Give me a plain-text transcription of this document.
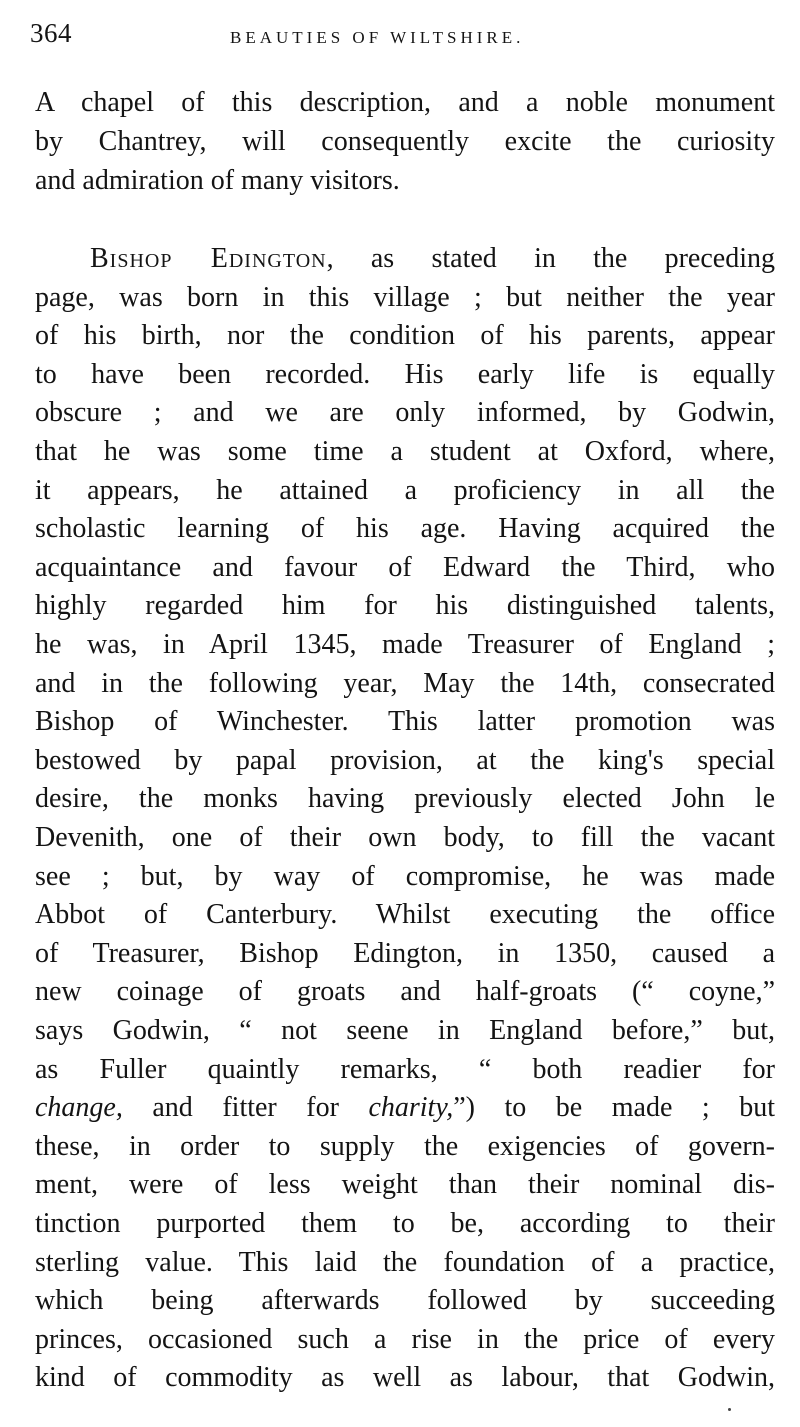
364	BEAUTIES OF WILTSHIRE.
A chapel of this description, and a noble monument
by Chantrey, will consequently excite the curiosity
and admiration of many visitors.
Bishop Edington, as stated in the preceding
page, was born in this village ; but neither the year
of his birth, nor the condition of his parents, appear
to have been recorded. His early life is equally
obscure ; and we are only informed, by Godwin,
that he was some time a student at Oxford, where,
it appears, he attained a proficiency in all the
scholastic learning of his age. Having acquired the
acquaintance and favour of Edward the Third, who
highly regarded him for his distinguished talents,
he was, in April 1345, made Treasurer of England ;
and in the following year, May the 14th, consecrated
Bishop of Winchester. This latter promotion was
bestowed by papal provision, at the king's special
desire, the monks having previously elected John le
Devenith, one of their own body, to fill the vacant
see ; but, by way of compromise, he was made
Abbot of Canterbury. Whilst executing the office
of Treasurer, Bishop Edington, in 1350, caused a
new coinage of groats and half-groats (“ coyne,”
says Godwin, “ not seene in England before,” but,
as Fuller quaintly remarks, “ both readier for
change, and fitter for charity,”) to be made ; but
these, in order to supply the exigencies of govern-
ment, were of less weight than their nominal dis-
tinction purported them to be, according to their
sterling value. This laid the foundation of a practice,
which being afterwards followed by succeeding
princes, occasioned such a rise in the price of every
kind of commodity as well as labour, that Godwin,
